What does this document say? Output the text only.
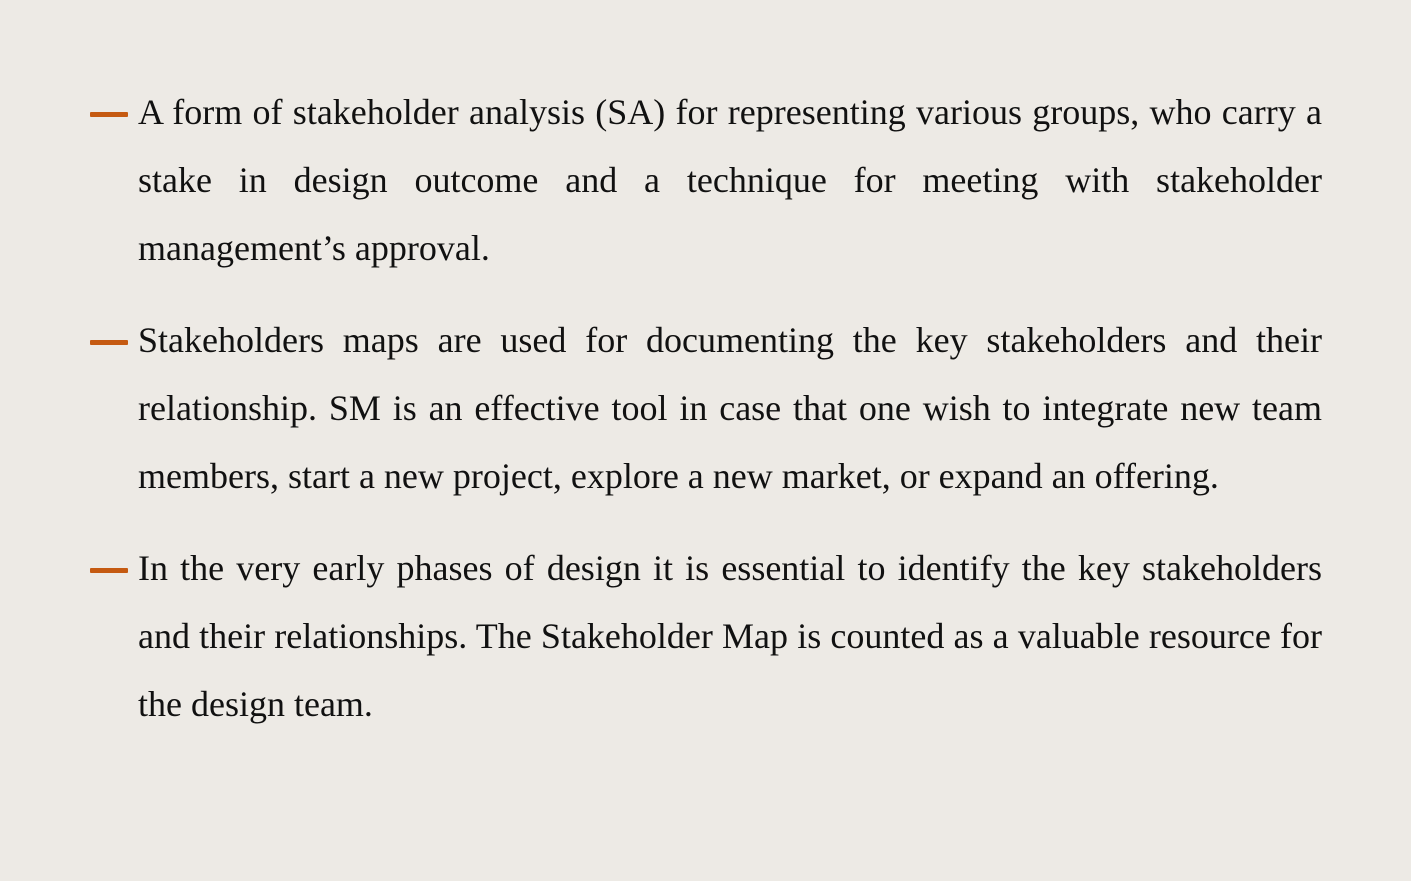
A form of stakeholder analysis (SA) for representing various groups, who carry a stake in design outcome and a technique for meeting with stakeholder management’s approval.
Stakeholders maps are used for documenting the key stakeholders and their relationship. SM is an effective tool in case that one wish to integrate new team members, start a new project, explore a new market, or expand an offering.
In the very early phases of design it is essential to identify the key stakeholders and their relationships. The Stakeholder Map is counted as a valuable resource for the design team.
